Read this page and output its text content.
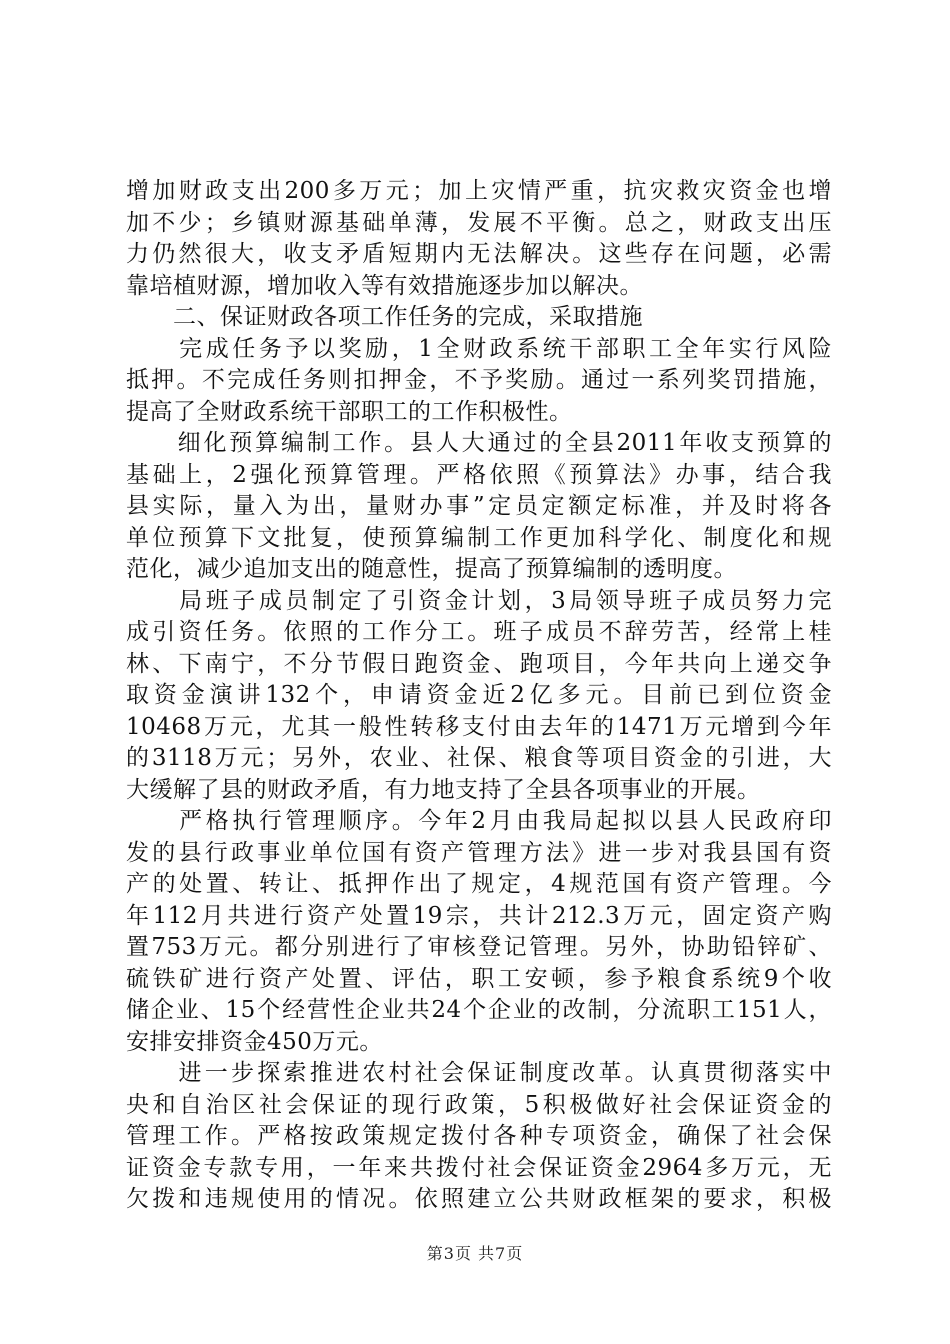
增加财政支出200多万元；加上灾情严重，抗灾救灾资金也增
加不少；乡镇财源基础单薄，发展不平衡。总之，财政支出压
力仍然很大，收支矛盾短期内无法解决。这些存在问题，必需
靠培植财源，增加收入等有效措施逐步加以解决。
　　二、保证财政各项工作任务的完成，采取措施
　　完成任务予以奖励，1全财政系统干部职工全年实行风险
抵押。不完成任务则扣押金，不予奖励。通过一系列奖罚措施，
提高了全财政系统干部职工的工作积极性。
　　细化预算编制工作。县人大通过的全县2011年收支预算的
基础上，2强化预算管理。严格依照《预算法》办事，结合我
县实际，量入为出，量财办事”定员定额定标准，并及时将各
单位预算下文批复，使预算编制工作更加科学化、制度化和规
范化，减少追加支出的随意性，提高了预算编制的透明度。
　　局班子成员制定了引资金计划，3局领导班子成员努力完
成引资任务。依照的工作分工。班子成员不辞劳苦，经常上桂
林、下南宁，不分节假日跑资金、跑项目，今年共向上递交争
取资金演讲132个，申请资金近2亿多元。目前已到位资金
10468万元，尤其一般性转移支付由去年的1471万元增到今年
的3118万元；另外，农业、社保、粮食等项目资金的引进，大
大缓解了县的财政矛盾，有力地支持了全县各项事业的开展。
　　严格执行管理顺序。今年2月由我局起拟以县人民政府印
发的县行政事业单位国有资产管理方法》进一步对我县国有资
产的处置、转让、抵押作出了规定，4规范国有资产管理。今
年112月共进行资产处置19宗，共计212.3万元，固定资产购
置753万元。都分别进行了审核登记管理。另外，协助铅锌矿、
硫铁矿进行资产处置、评估，职工安顿，参予粮食系统9个收
储企业、15个经营性企业共24个企业的改制，分流职工151人，
安排安排资金450万元。
　　进一步探索推进农村社会保证制度改革。认真贯彻落实中
央和自治区社会保证的现行政策，5积极做好社会保证资金的
管理工作。严格按政策规定拨付各种专项资金，确保了社会保
证资金专款专用，一年来共拨付社会保证资金2964多万元，无
欠拨和违规使用的情况。依照建立公共财政框架的要求，积极
第3页 共7页
